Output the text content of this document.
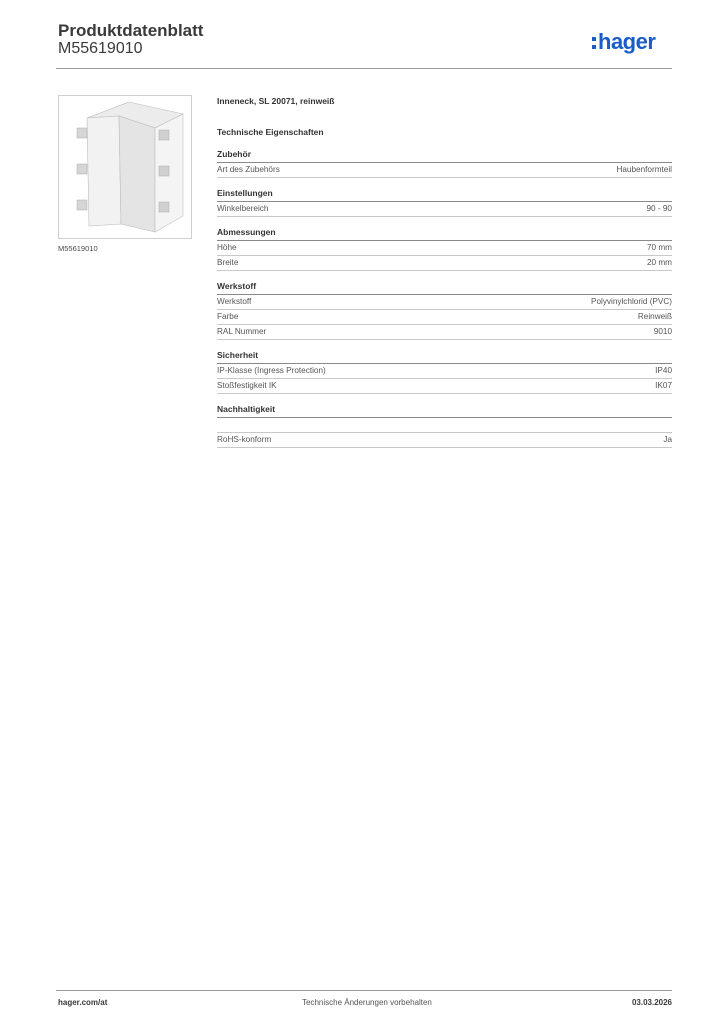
Produktdatenblatt
M55619010	hager
M55619010
Inneneck, SL 20071, reinweiß
Technische Eigenschaften
Zubehör
Art des Zubehörs	Haubenformteil
Einstellungen
Winkelbereich	90 - 90
Abmessungen
Höhe	70 mm
Breite	20 mm
Werkstoff
Werkstoff	Polyvinylchlorid (PVC)
Farbe	Reinweiß
RAL Nummer	9010
Sicherheit
IP-Klasse (Ingress Protection)	IP40
Stoßfestigkeit IK	IK07
Nachhaltigkeit
RoHS-konform	Ja
hager.com/at	Technische Änderungen vorbehalten	03.03.2026
